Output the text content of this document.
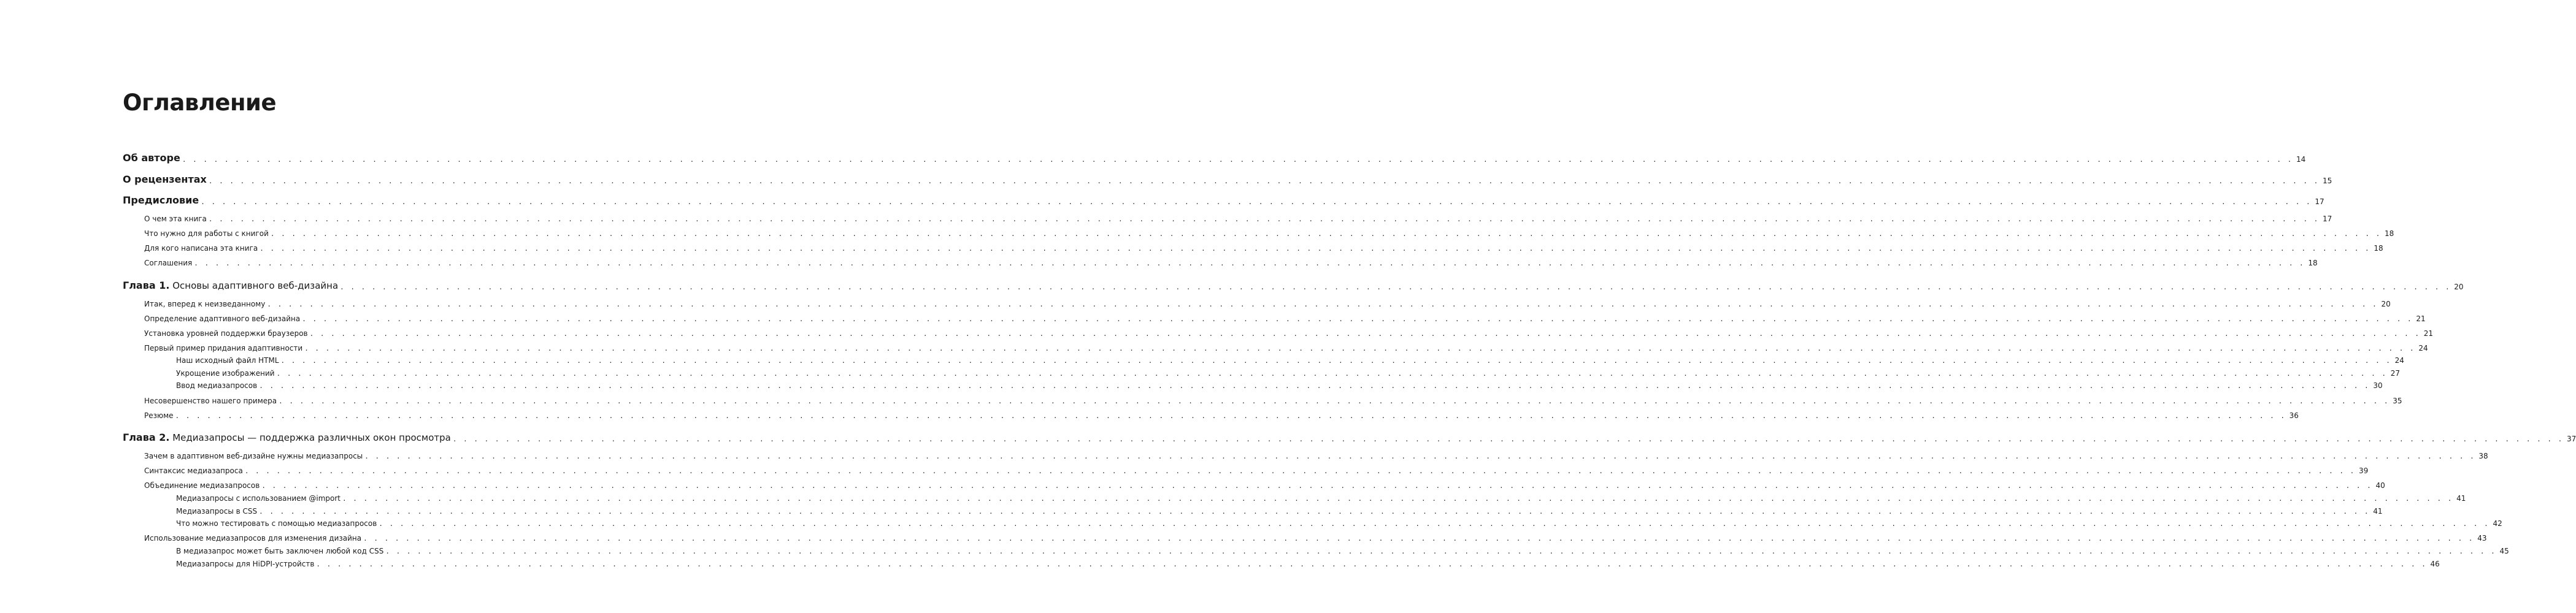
Оглавление
Об авторе . . . . . . . . . . . . . . . . . . . . . . . . . . . . . . . . . . . . . . . . . . . . . . . . . . . . . . . . . . . . . . . . . . . . . . . . . . . . . . . . . . . . . . . . . . . . . . . . . . . . . . . . . . . . . . . . . . . . . . . . . . . . . . . . . . . . . . . . . . . . . . . . . . . . . . . . . . . . . . . . . . . . . . . . . . . . . . . . . . . . . . . . . . . . . . . . . . . . . . . . 14
О рецензентах . . . . . . . . . . . . . . . . . . . . . . . . . . . . . . . . . . . . . . . . . . . . . . . . . . . . . . . . . . . . . . . . . . . . . . . . . . . . . . . . . . . . . . . . . . . . . . . . . . . . . . . . . . . . . . . . . . . . . . . . . . . . . . . . . . . . . . . . . . . . . . . . . . . . . . . . . . . . . . . . . . . . . . . . . . . . . . . . . . . . . . . . . . . . . . . . . . . . . . . . 15
Предисловие . . . . . . . . . . . . . . . . . . . . . . . . . . . . . . . . . . . . . . . . . . . . . . . . . . . . . . . . . . . . . . . . . . . . . . . . . . . . . . . . . . . . . . . . . . . . . . . . . . . . . . . . . . . . . . . . . . . . . . . . . . . . . . . . . . . . . . . . . . . . . . . . . . . . . . . . . . . . . . . . . . . . . . . . . . . . . . . . . . . . . . . . . . . . . . . . . . . . . . . . 17
О чем эта книга . . . . . . . . . . . . . . . . . . . . . . . . . . . . . . . . . . . . . . . . . . . . . . . . . . . . . . . . . . . . . . . . . . . . . . . . . . . . . . . . . . . . . . . . . . . . . . . . . . . . . . . . . . . . . . . . . . . . . . . . . . . . . . . . . . . . . . . . . . . . . . . . . . . . . . . . . . . . . . . . . . . . . . . . . . . . . . . . . . . . . . . . . . . . . . . . . . . . . . . . 17
Что нужно для работы с книгой . . . . . . . . . . . . . . . . . . . . . . . . . . . . . . . . . . . . . . . . . . . . . . . . . . . . . . . . . . . . . . . . . . . . . . . . . . . . . . . . . . . . . . . . . . . . . . . . . . . . . . . . . . . . . . . . . . . . . . . . . . . . . . . . . . . . . . . . . . . . . . . . . . . . . . . . . . . . . . . . . . . . . . . . . . . . . . . . . . . . . . . . . . . . . . . . . . . . . . . . 18
Для кого написана эта книга . . . . . . . . . . . . . . . . . . . . . . . . . . . . . . . . . . . . . . . . . . . . . . . . . . . . . . . . . . . . . . . . . . . . . . . . . . . . . . . . . . . . . . . . . . . . . . . . . . . . . . . . . . . . . . . . . . . . . . . . . . . . . . . . . . . . . . . . . . . . . . . . . . . . . . . . . . . . . . . . . . . . . . . . . . . . . . . . . . . . . . . . . . . . . . . . . . . . . . . . 18
Соглашения . . . . . . . . . . . . . . . . . . . . . . . . . . . . . . . . . . . . . . . . . . . . . . . . . . . . . . . . . . . . . . . . . . . . . . . . . . . . . . . . . . . . . . . . . . . . . . . . . . . . . . . . . . . . . . . . . . . . . . . . . . . . . . . . . . . . . . . . . . . . . . . . . . . . . . . . . . . . . . . . . . . . . . . . . . . . . . . . . . . . . . . . . . . . . . . . . . . . . . . . 18
Глава 1. Основы адаптивного веб-дизайна . . . . . . . . . . . . . . . . . . . . . . . . . . . . . . . . . . . . . . . . . . . . . . . . . . . . . . . . . . . . . . . . . . . . . . . . . . . . . . . . . . . . . . . . . . . . . . . . . . . . . . . . . . . . . . . . . . . . . . . . . . . . . . . . . . . . . . . . . . . . . . . . . . . . . . . . . . . . . . . . . . . . . . . . . . . . . . . . . . . . . . . . . . . . . . . . . . . . . . . . 20
Итак, вперед к неизведанному . . . . . . . . . . . . . . . . . . . . . . . . . . . . . . . . . . . . . . . . . . . . . . . . . . . . . . . . . . . . . . . . . . . . . . . . . . . . . . . . . . . . . . . . . . . . . . . . . . . . . . . . . . . . . . . . . . . . . . . . . . . . . . . . . . . . . . . . . . . . . . . . . . . . . . . . . . . . . . . . . . . . . . . . . . . . . . . . . . . . . . . . . . . . . . . . . . . . . . . . 20
Определение адаптивного веб-дизайна . . . . . . . . . . . . . . . . . . . . . . . . . . . . . . . . . . . . . . . . . . . . . . . . . . . . . . . . . . . . . . . . . . . . . . . . . . . . . . . . . . . . . . . . . . . . . . . . . . . . . . . . . . . . . . . . . . . . . . . . . . . . . . . . . . . . . . . . . . . . . . . . . . . . . . . . . . . . . . . . . . . . . . . . . . . . . . . . . . . . . . . . . . . . . . . . . . . . . . . . 21
Установка уровней поддержки браузеров . . . . . . . . . . . . . . . . . . . . . . . . . . . . . . . . . . . . . . . . . . . . . . . . . . . . . . . . . . . . . . . . . . . . . . . . . . . . . . . . . . . . . . . . . . . . . . . . . . . . . . . . . . . . . . . . . . . . . . . . . . . . . . . . . . . . . . . . . . . . . . . . . . . . . . . . . . . . . . . . . . . . . . . . . . . . . . . . . . . . . . . . . . . . . . . . . . . . . . . . 21
Первый пример придания адаптивности . . . . . . . . . . . . . . . . . . . . . . . . . . . . . . . . . . . . . . . . . . . . . . . . . . . . . . . . . . . . . . . . . . . . . . . . . . . . . . . . . . . . . . . . . . . . . . . . . . . . . . . . . . . . . . . . . . . . . . . . . . . . . . . . . . . . . . . . . . . . . . . . . . . . . . . . . . . . . . . . . . . . . . . . . . . . . . . . . . . . . . . . . . . . . . . . . . . . . . . . 24
Наш исходный файл HTML . . . . . . . . . . . . . . . . . . . . . . . . . . . . . . . . . . . . . . . . . . . . . . . . . . . . . . . . . . . . . . . . . . . . . . . . . . . . . . . . . . . . . . . . . . . . . . . . . . . . . . . . . . . . . . . . . . . . . . . . . . . . . . . . . . . . . . . . . . . . . . . . . . . . . . . . . . . . . . . . . . . . . . . . . . . . . . . . . . . . . . . . . . . . . . . . . . . . . . . . 24
Укрощение изображений . . . . . . . . . . . . . . . . . . . . . . . . . . . . . . . . . . . . . . . . . . . . . . . . . . . . . . . . . . . . . . . . . . . . . . . . . . . . . . . . . . . . . . . . . . . . . . . . . . . . . . . . . . . . . . . . . . . . . . . . . . . . . . . . . . . . . . . . . . . . . . . . . . . . . . . . . . . . . . . . . . . . . . . . . . . . . . . . . . . . . . . . . . . . . . . . . . . . . . . . 27
Ввод медиазапросов . . . . . . . . . . . . . . . . . . . . . . . . . . . . . . . . . . . . . . . . . . . . . . . . . . . . . . . . . . . . . . . . . . . . . . . . . . . . . . . . . . . . . . . . . . . . . . . . . . . . . . . . . . . . . . . . . . . . . . . . . . . . . . . . . . . . . . . . . . . . . . . . . . . . . . . . . . . . . . . . . . . . . . . . . . . . . . . . . . . . . . . . . . . . . . . . . . . . . . . . 30
Несовершенство нашего примера . . . . . . . . . . . . . . . . . . . . . . . . . . . . . . . . . . . . . . . . . . . . . . . . . . . . . . . . . . . . . . . . . . . . . . . . . . . . . . . . . . . . . . . . . . . . . . . . . . . . . . . . . . . . . . . . . . . . . . . . . . . . . . . . . . . . . . . . . . . . . . . . . . . . . . . . . . . . . . . . . . . . . . . . . . . . . . . . . . . . . . . . . . . . . . . . . . . . . . . . 35
Резюме . . . . . . . . . . . . . . . . . . . . . . . . . . . . . . . . . . . . . . . . . . . . . . . . . . . . . . . . . . . . . . . . . . . . . . . . . . . . . . . . . . . . . . . . . . . . . . . . . . . . . . . . . . . . . . . . . . . . . . . . . . . . . . . . . . . . . . . . . . . . . . . . . . . . . . . . . . . . . . . . . . . . . . . . . . . . . . . . . . . . . . . . . . . . . . . . . . . . . . . . 36
Глава 2. Медиазапросы — поддержка различных окон просмотра . . . . . . . . . . . . . . . . . . . . . . . . . . . . . . . . . . . . . . . . . . . . . . . . . . . . . . . . . . . . . . . . . . . . . . . . . . . . . . . . . . . . . . . . . . . . . . . . . . . . . . . . . . . . . . . . . . . . . . . . . . . . . . . . . . . . . . . . . . . . . . . . . . . . . . . . . . . . . . . . . . . . . . . . . . . . . . . . . . . . . . . . . . . . . . . . . . . . . . . . 37
Зачем в адаптивном веб-дизайне нужны медиазапросы . . . . . . . . . . . . . . . . . . . . . . . . . . . . . . . . . . . . . . . . . . . . . . . . . . . . . . . . . . . . . . . . . . . . . . . . . . . . . . . . . . . . . . . . . . . . . . . . . . . . . . . . . . . . . . . . . . . . . . . . . . . . . . . . . . . . . . . . . . . . . . . . . . . . . . . . . . . . . . . . . . . . . . . . . . . . . . . . . . . . . . . . . . . . . . . . . . . . . . . . 38
Синтаксис медиазапроса . . . . . . . . . . . . . . . . . . . . . . . . . . . . . . . . . . . . . . . . . . . . . . . . . . . . . . . . . . . . . . . . . . . . . . . . . . . . . . . . . . . . . . . . . . . . . . . . . . . . . . . . . . . . . . . . . . . . . . . . . . . . . . . . . . . . . . . . . . . . . . . . . . . . . . . . . . . . . . . . . . . . . . . . . . . . . . . . . . . . . . . . . . . . . . . . . . . . . . . . 39
Объединение медиазапросов . . . . . . . . . . . . . . . . . . . . . . . . . . . . . . . . . . . . . . . . . . . . . . . . . . . . . . . . . . . . . . . . . . . . . . . . . . . . . . . . . . . . . . . . . . . . . . . . . . . . . . . . . . . . . . . . . . . . . . . . . . . . . . . . . . . . . . . . . . . . . . . . . . . . . . . . . . . . . . . . . . . . . . . . . . . . . . . . . . . . . . . . . . . . . . . . . . . . . . . . 40
Медиазапросы с использованием @import . . . . . . . . . . . . . . . . . . . . . . . . . . . . . . . . . . . . . . . . . . . . . . . . . . . . . . . . . . . . . . . . . . . . . . . . . . . . . . . . . . . . . . . . . . . . . . . . . . . . . . . . . . . . . . . . . . . . . . . . . . . . . . . . . . . . . . . . . . . . . . . . . . . . . . . . . . . . . . . . . . . . . . . . . . . . . . . . . . . . . . . . . . . . . . . . . . . . . . . . 41
Медиазапросы в CSS . . . . . . . . . . . . . . . . . . . . . . . . . . . . . . . . . . . . . . . . . . . . . . . . . . . . . . . . . . . . . . . . . . . . . . . . . . . . . . . . . . . . . . . . . . . . . . . . . . . . . . . . . . . . . . . . . . . . . . . . . . . . . . . . . . . . . . . . . . . . . . . . . . . . . . . . . . . . . . . . . . . . . . . . . . . . . . . . . . . . . . . . . . . . . . . . . . . . . . . . 41
Что можно тестировать с помощью медиазапросов . . . . . . . . . . . . . . . . . . . . . . . . . . . . . . . . . . . . . . . . . . . . . . . . . . . . . . . . . . . . . . . . . . . . . . . . . . . . . . . . . . . . . . . . . . . . . . . . . . . . . . . . . . . . . . . . . . . . . . . . . . . . . . . . . . . . . . . . . . . . . . . . . . . . . . . . . . . . . . . . . . . . . . . . . . . . . . . . . . . . . . . . . . . . . . . . . . . . . . . . 42
Использование медиазапросов для изменения дизайна . . . . . . . . . . . . . . . . . . . . . . . . . . . . . . . . . . . . . . . . . . . . . . . . . . . . . . . . . . . . . . . . . . . . . . . . . . . . . . . . . . . . . . . . . . . . . . . . . . . . . . . . . . . . . . . . . . . . . . . . . . . . . . . . . . . . . . . . . . . . . . . . . . . . . . . . . . . . . . . . . . . . . . . . . . . . . . . . . . . . . . . . . . . . . . . . . . . . . . . . 43
В медиазапрос может быть заключен любой код CSS . . . . . . . . . . . . . . . . . . . . . . . . . . . . . . . . . . . . . . . . . . . . . . . . . . . . . . . . . . . . . . . . . . . . . . . . . . . . . . . . . . . . . . . . . . . . . . . . . . . . . . . . . . . . . . . . . . . . . . . . . . . . . . . . . . . . . . . . . . . . . . . . . . . . . . . . . . . . . . . . . . . . . . . . . . . . . . . . . . . . . . . . . . . . . . . . . . . . . . . . 45
Медиазапросы для HiDPI-устройств . . . . . . . . . . . . . . . . . . . . . . . . . . . . . . . . . . . . . . . . . . . . . . . . . . . . . . . . . . . . . . . . . . . . . . . . . . . . . . . . . . . . . . . . . . . . . . . . . . . . . . . . . . . . . . . . . . . . . . . . . . . . . . . . . . . . . . . . . . . . . . . . . . . . . . . . . . . . . . . . . . . . . . . . . . . . . . . . . . . . . . . . . . . . . . . . . . . . . . . . 46
